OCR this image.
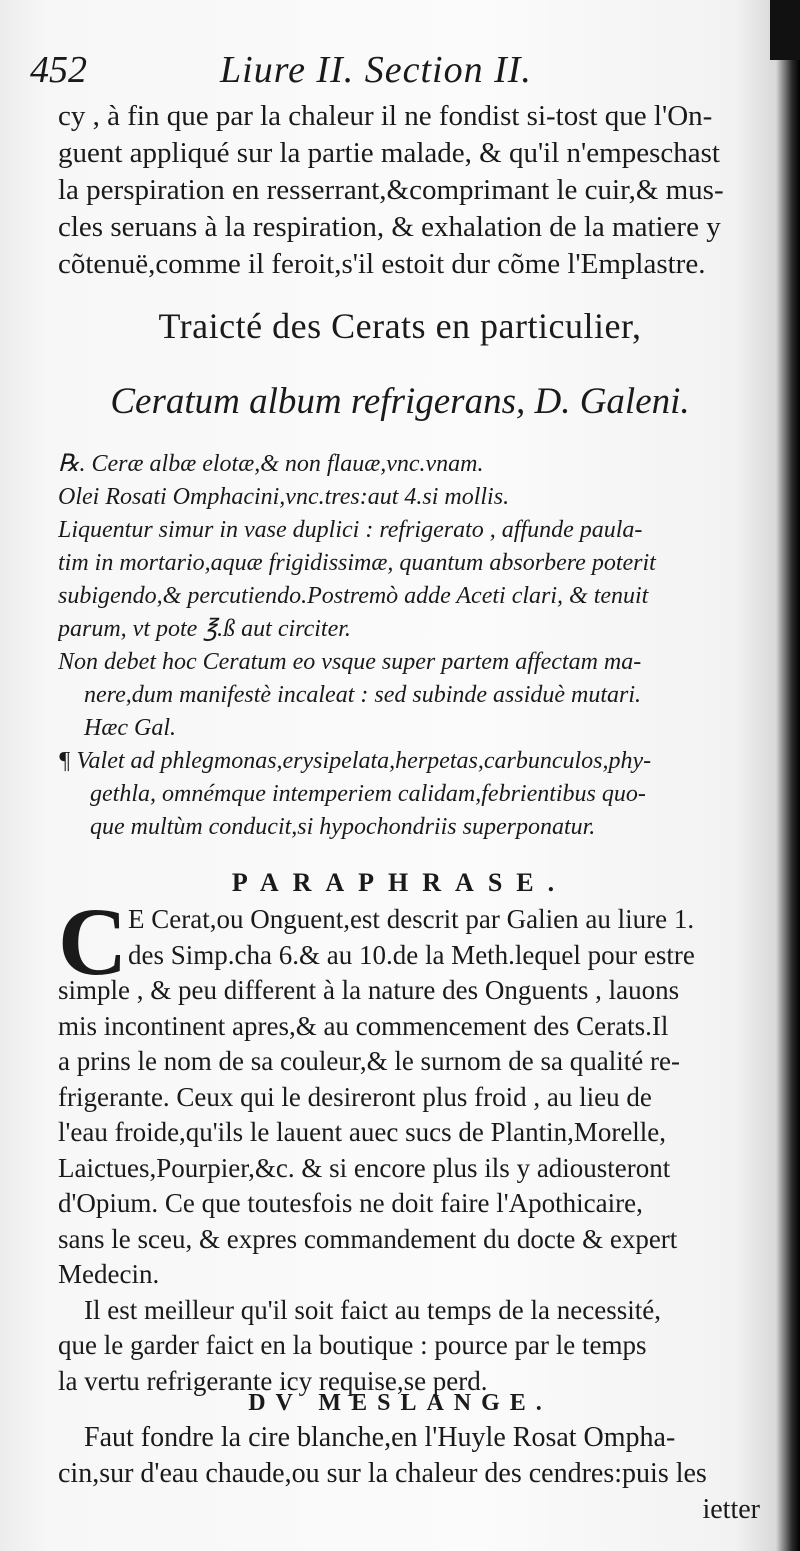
452	Liure II. Section II.
cy , à fin que par la chaleur il ne fondist si-tost que l'On-
guent appliqué sur la partie malade, & qu'il n'empeschast
la perspiration en resserrant,&comprimant le cuir,& mus-
cles seruans à la respiration, & exhalation de la matiere y
cõtenuë,comme il feroit,s'il estoit dur cõme l'Emplastre.
Traicté des Cerats en particulier,
Ceratum album refrigerans, D. Galeni.
℞. Ceræ albæ elotæ,& non flauæ,vnc.vnam.
Olei Rosati Omphacini,vnc.tres:aut 4.si mollis.
Liquentur simur in vase duplici : refrigerato , affunde paula-
tim in mortario,aquæ frigidissimæ, quantum absorbere poterit
subigendo,& percutiendo.Postremò adde Aceti clari, & tenuit
parum, vt pote ℥.ß aut circiter.
Non debet hoc Ceratum eo vsque super partem affectam ma-
nere,dum manifestè incaleat : sed subinde assiduè mutari.
Hæc Gal.
¶ Valet ad phlegmonas,erysipelata,herpetas,carbunculos,phy-
gethla, omnémque intemperiem calidam,febrientibus quo-
que multùm conducit,si hypochondriis superponatur.
PARAPHRASE.
C E Cerat,ou Onguent,est descrit par Galien au liure 1.
des Simp.cha 6.& au 10.de la Meth.lequel pour estre
simple , & peu different à la nature des Onguents , lauons
mis incontinent apres,& au commencement des Cerats.Il
a prins le nom de sa couleur,& le surnom de sa qualité re-
frigerante. Ceux qui le desireront plus froid , au lieu de
l'eau froide,qu'ils le lauent auec sucs de Plantin,Morelle,
Laictues,Pourpier,&c. & si encore plus ils y adiousteront
d'Opium. Ce que toutesfois ne doit faire l'Apothicaire,
sans le sceu, & expres commandement du docte & expert
Medecin.
Il est meilleur qu'il soit faict au temps de la necessité,
que le garder faict en la boutique : pource par le temps
la vertu refrigerante icy requise,se perd.
DV MESLANGE.
Faut fondre la cire blanche,en l'Huyle Rosat Ompha-
cin,sur d'eau chaude,ou sur la chaleur des cendres:puis les
ietter
